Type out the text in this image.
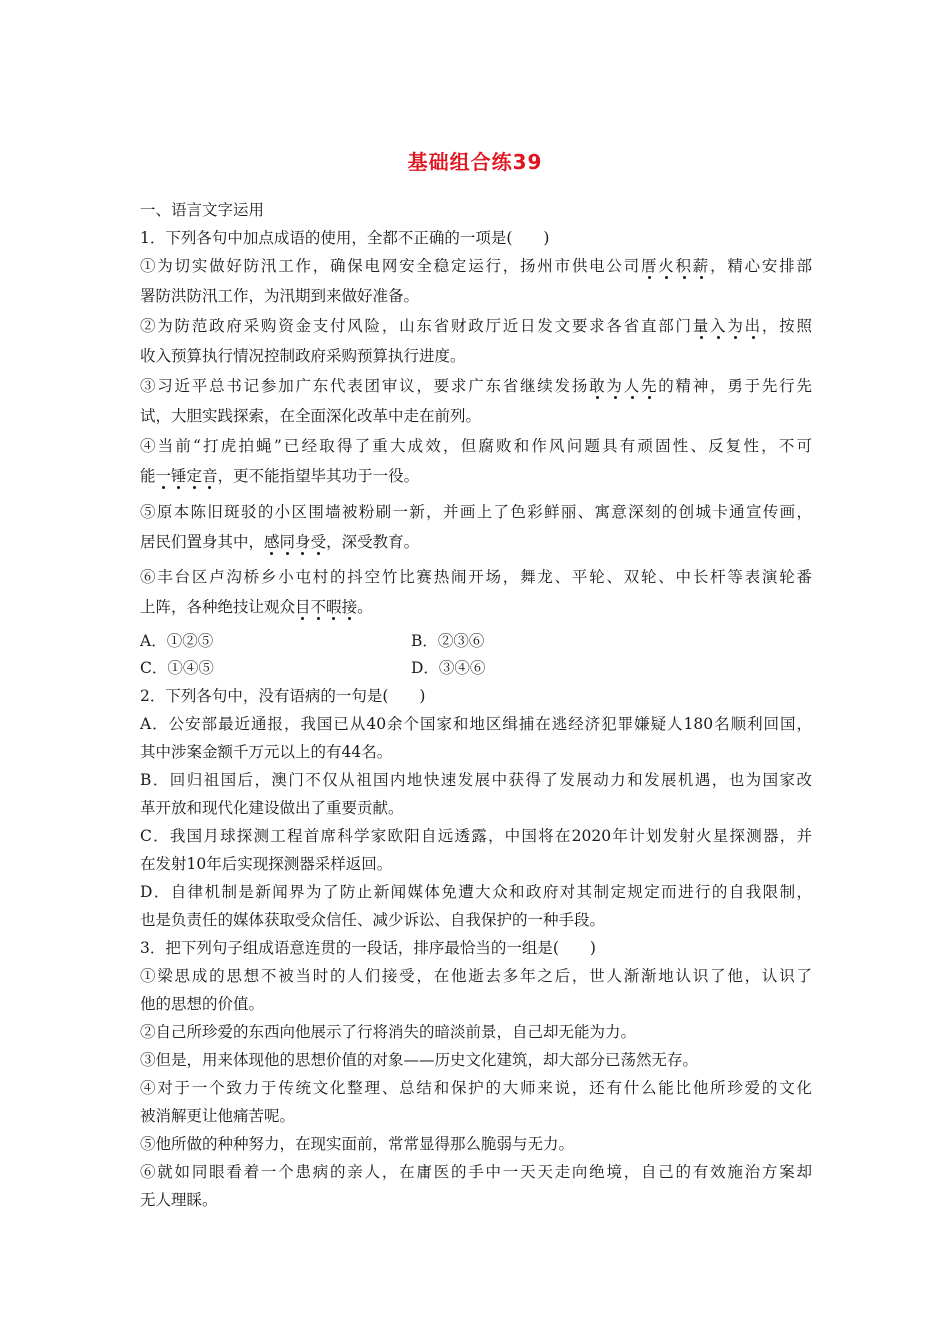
基础组合练39
一、语言文字运用
1．下列各句中加点成语的使用，全都不正确的一项是(　　)
①为切实做好防汛工作，确保电网安全稳定运行，扬州市供电公司厝火积薪，精心安排部
署防洪防汛工作，为汛期到来做好准备。
②为防范政府采购资金支付风险，山东省财政厅近日发文要求各省直部门量入为出，按照
收入预算执行情况控制政府采购预算执行进度。
③习近平总书记参加广东代表团审议，要求广东省继续发扬敢为人先的精神，勇于先行先
试，大胆实践探索，在全面深化改革中走在前列。
④当前“打虎拍蝇”已经取得了重大成效，但腐败和作风问题具有顽固性、反复性，不可
能一锤定音，更不能指望毕其功于一役。
⑤原本陈旧斑驳的小区围墙被粉刷一新，并画上了色彩鲜丽、寓意深刻的创城卡通宣传画，
居民们置身其中，感同身受，深受教育。
⑥丰台区卢沟桥乡小屯村的抖空竹比赛热闹开场，舞龙、平轮、双轮、中长杆等表演轮番
上阵，各种绝技让观众目不暇接。
A．①②⑤	B．②③⑥
C．①④⑤	D．③④⑥
2．下列各句中，没有语病的一句是(　　)
A．公安部最近通报，我国已从40余个国家和地区缉捕在逃经济犯罪嫌疑人180名顺利回国，
其中涉案金额千万元以上的有44名。
B．回归祖国后，澳门不仅从祖国内地快速发展中获得了发展动力和发展机遇，也为国家改
革开放和现代化建设做出了重要贡献。
C．我国月球探测工程首席科学家欧阳自远透露，中国将在2020年计划发射火星探测器，并
在发射10年后实现探测器采样返回。
D．自律机制是新闻界为了防止新闻媒体免遭大众和政府对其制定规定而进行的自我限制，
也是负责任的媒体获取受众信任、减少诉讼、自我保护的一种手段。
3．把下列句子组成语意连贯的一段话，排序最恰当的一组是(　　)
①梁思成的思想不被当时的人们接受，在他逝去多年之后，世人渐渐地认识了他，认识了
他的思想的价值。
②自己所珍爱的东西向他展示了行将消失的暗淡前景，自己却无能为力。
③但是，用来体现他的思想价值的对象——历史文化建筑，却大部分已荡然无存。
④对于一个致力于传统文化整理、总结和保护的大师来说，还有什么能比他所珍爱的文化
被消解更让他痛苦呢。
⑤他所做的种种努力，在现实面前，常常显得那么脆弱与无力。
⑥就如同眼看着一个患病的亲人，在庸医的手中一天天走向绝境，自己的有效施治方案却
无人理睬。
